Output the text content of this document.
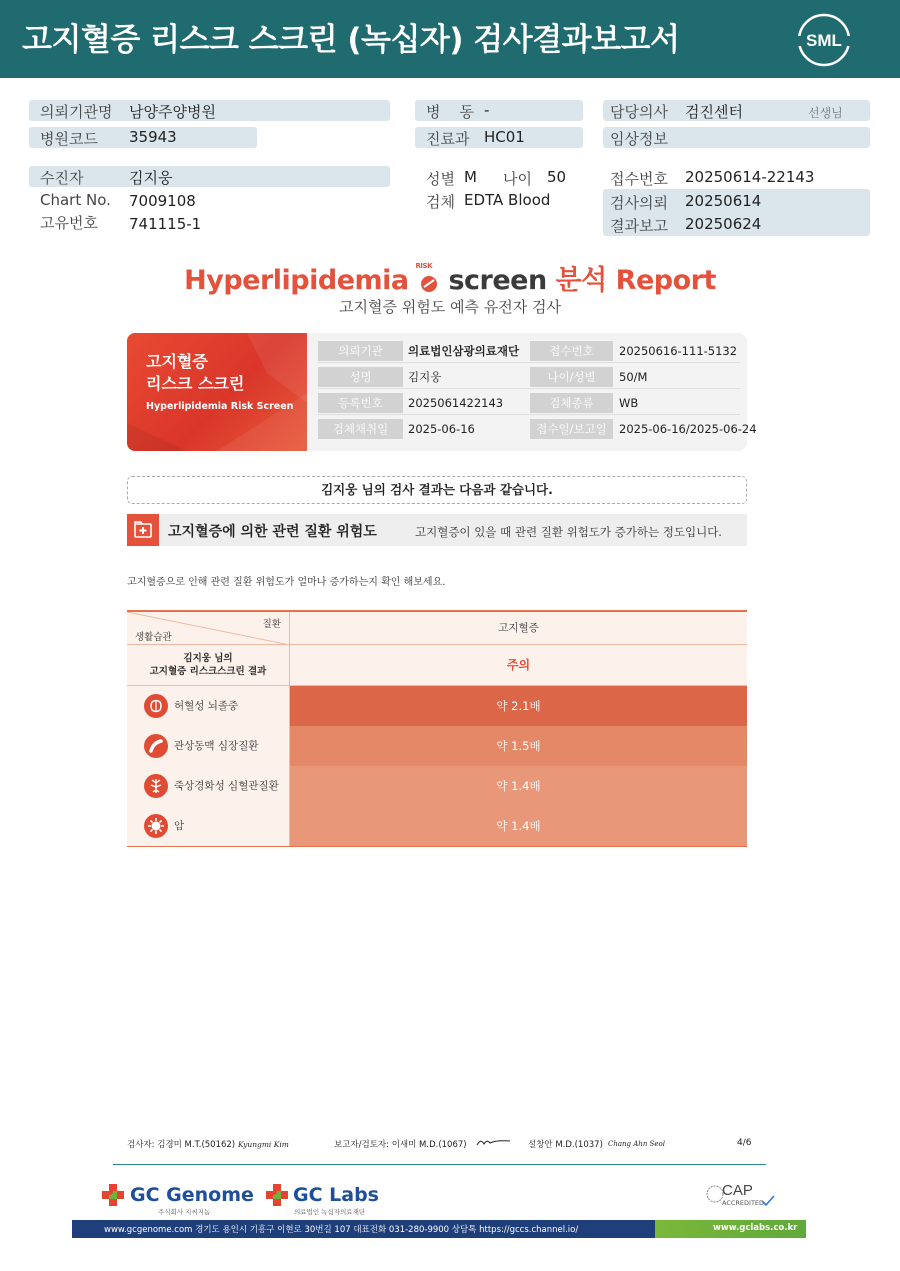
고지혈증 리스크 스크린 (녹십자) 검사결과보고서	SML
의뢰기관명 남양주양병원
병원코드 35943
수진자	김지웅
Chart No. 7009108
고유번호 741115-1
병    동 -
진료과 HC01
성별 M 나이 50
검체 EDTA Blood
담당의사 검진센터	선생님
임상정보
접수번호 20250614-22143
검사의뢰 20250614
결과보고 20250624
Hyperlipidemia RISK screen 분석 Report
고지혈증 위험도 예측 유전자 검사
고지혈증
리스크 스크린
Hyperlipidemia Risk Screen
의뢰기관	의료법인삼광의료재단	접수번호	20250616-111-5132
성명	김지웅	나이/성별	50/M
등록번호	2025061422143	검체종류	WB
검체채취일	2025-06-16	접수일/보고일	2025-06-16/2025-06-24
김지웅 님의 검사 결과는 다음과 같습니다.
고지혈증에 의한 관련 질환 위험도	고지혈증이 있을 때 관련 질환 위험도가 증가하는 정도입니다.
고지혈증으로 인해 관련 질환 위험도가 얼마나 증가하는지 확인 해보세요.
질환
생활습관
고지혈증
김지웅 님의
고지혈증 리스크스크린 결과	주의
허혈성 뇌졸중	약 2.1배
관상동맥 심장질환	약 1.5배
죽상경화성 심혈관질환	약 1.4배
암	약 1.4배
검사자: 김경미 M.T.(50162) Kyungmi Kim	보고자/검토자: 이새미 M.D.(1067)	설창안 M.D.(1037) Chang Ahn Seol	4/6
GC Genome
주식회사 지씨지놈
GC Labs
의료법인 녹십자의료재단
CAP
ACCREDITED
www.gcgenome.com 경기도 용인시 기흥구 이현로 30번길 107 대표전화 031-280-9900 상담톡 https://gccs.channel.io/	www.gclabs.co.kr
